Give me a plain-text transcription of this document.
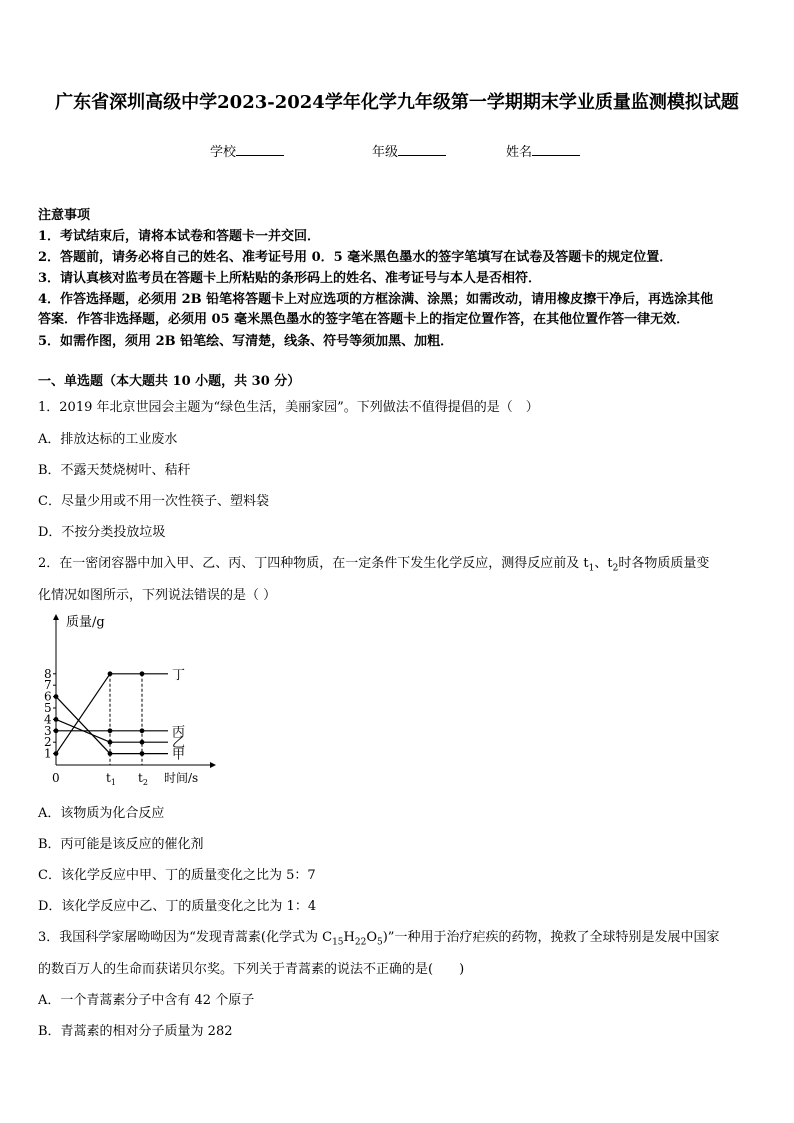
广东省深圳高级中学2023-2024学年化学九年级第一学期期末学业质量监测模拟试题
学校	年级	姓名
注意事项
1．考试结束后，请将本试卷和答题卡一并交回．
2．答题前，请务必将自己的姓名、准考证号用 0．5 毫米黑色墨水的签字笔填写在试卷及答题卡的规定位置．
3．请认真核对监考员在答题卡上所粘贴的条形码上的姓名、准考证号与本人是否相符．
4．作答选择题，必须用 2B 铅笔将答题卡上对应选项的方框涂满、涂黑；如需改动，请用橡皮擦干净后，再选涂其他
答案．作答非选择题，必须用 05 毫米黑色墨水的签字笔在答题卡上的指定位置作答，在其他位置作答一律无效．
5．如需作图，须用 2B 铅笔绘、写清楚，线条、符号等须加黑、加粗．
一、单选题（本大题共 10 小题，共 30 分）
1．2019 年北京世园会主题为“绿色生活，美丽家园”。下列做法不值得提倡的是（　）
A．排放达标的工业废水
B．不露天焚烧树叶、秸秆
C．尽量少用或不用一次性筷子、塑料袋
D．不按分类投放垃圾
2．在一密闭容器中加入甲、乙、丙、丁四种物质，在一定条件下发生化学反应，测得反应前及 $t_1$、$t_2$时各物质质量变
化情况如图所示，下列说法错误的是（ ）
质量/g
时间/s
0
1
2
3
4
5
6
7
8
$t_1$ $t_2$
丁
丙
乙
甲
A．该物质为化合反应
B．丙可能是该反应的催化剂
C．该化学反应中甲、丁的质量变化之比为 5：7
D．该化学反应中乙、丁的质量变化之比为 1：4
3．我国科学家屠呦呦因为“发现青蒿素(化学式为 $C_{15}H_{22}O_5$)”一种用于治疗疟疾的药物，挽救了全球特别是发展中国家
的数百万人的生命而获诺贝尔奖。下列关于青蒿素的说法不正确的是(　　)
A．一个青蒿素分子中含有 42 个原子
B．青蒿素的相对分子质量为 282
